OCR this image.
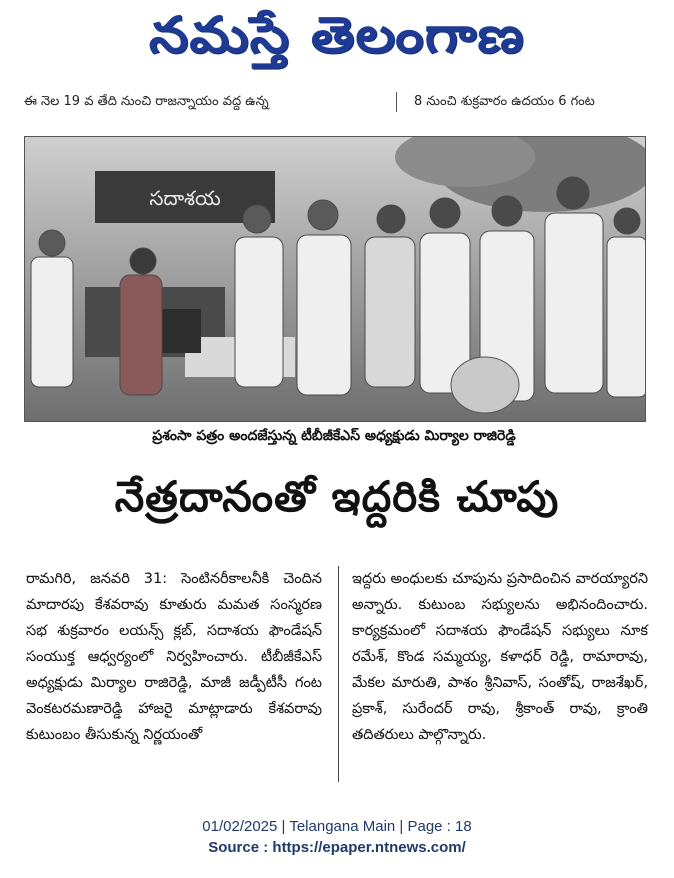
నమస్తే తెలంగాణ
ఈ నెల 19 వ తేది నుంచి రాజన్నాయం వద్ద ఉన్న	8 నుంచి శుక్రవారం ఉదయం 6 గంట
సదాశయ
ప్రశంసా పత్రం అందజేస్తున్న టీబీజీకేఎస్ అధ్యక్షుడు మిర్యాల రాజిరెడ్డి
నేత్రదానంతో ఇద్దరికి చూపు
రామగిరి, జనవరి 31: సెంటినరీకాలనీకి చెందిన మాదారపు కేశవరావు కూతురు మమత సంస్మరణ సభ శుక్రవారం లయన్స్ క్లబ్, సదాశయ ఫౌండేషన్ సంయుక్త ఆధ్వర్యంలో నిర్వహించారు. టీబీజీకేఎస్ అధ్యక్షుడు మిర్యాల రాజిరెడ్డి, మాజీ జడ్పీటీసీ గంట వెంకటరమణారెడ్డి హాజరై మాట్లాడారు కేశవరావు కుటుంబం తీసుకున్న నిర్ణయంతో
ఇద్దరు అంధులకు చూపును ప్రసాదించిన వారయ్యారని అన్నారు. కుటుంబ సభ్యులను అభినందించారు. కార్యక్రమంలో సదాశయ ఫౌండేషన్ సభ్యులు నూక రమేశ్, కొండ సమ్మయ్య, కళాధర్ రెడ్డి, రామారావు, మేకల మారుతి, పాశం శ్రీనివాస్, సంతోష్, రాజశేఖర్, ప్రకాశ్, సురేందర్ రావు, శ్రీకాంత్ రావు, క్రాంతి తదితరులు పాల్గొన్నారు.
01/02/2025 | Telangana Main | Page : 18
Source : https://epaper.ntnews.com/
